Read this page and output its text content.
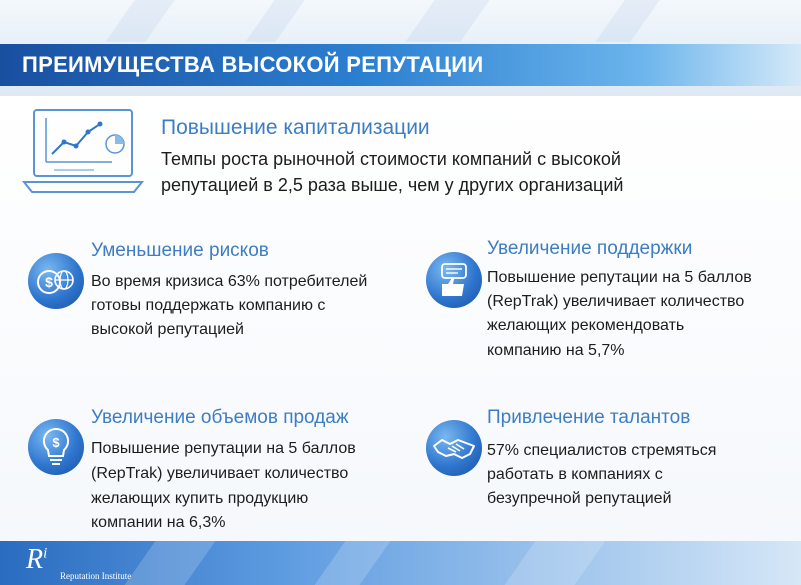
ПРЕИМУЩЕСТВА ВЫСОКОЙ РЕПУТАЦИИ
Повышение капитализации

Темпы роста рыночной стоимости компаний с высокой

репутацией в 2,5 раза выше, чем у других организаций

$
Уменьшение рисков

Во время кризиса 63% потребителей

готовы поддержать компанию с

высокой репутацией

Увеличение поддержки

Повышение репутации на 5 баллов

(RepTrak) увеличивает количество

желающих рекомендовать

компанию на 5,7%

$
Увеличение объемов продаж

Повышение репутации на 5 баллов

(RepTrak) увеличивает количество

желающих купить продукцию

компании на 6,3%

Привлечение талантов

57% специалистов стремяться

работать в компаниях с

безупречной репутацией

$R^i$
Reputation Institute
